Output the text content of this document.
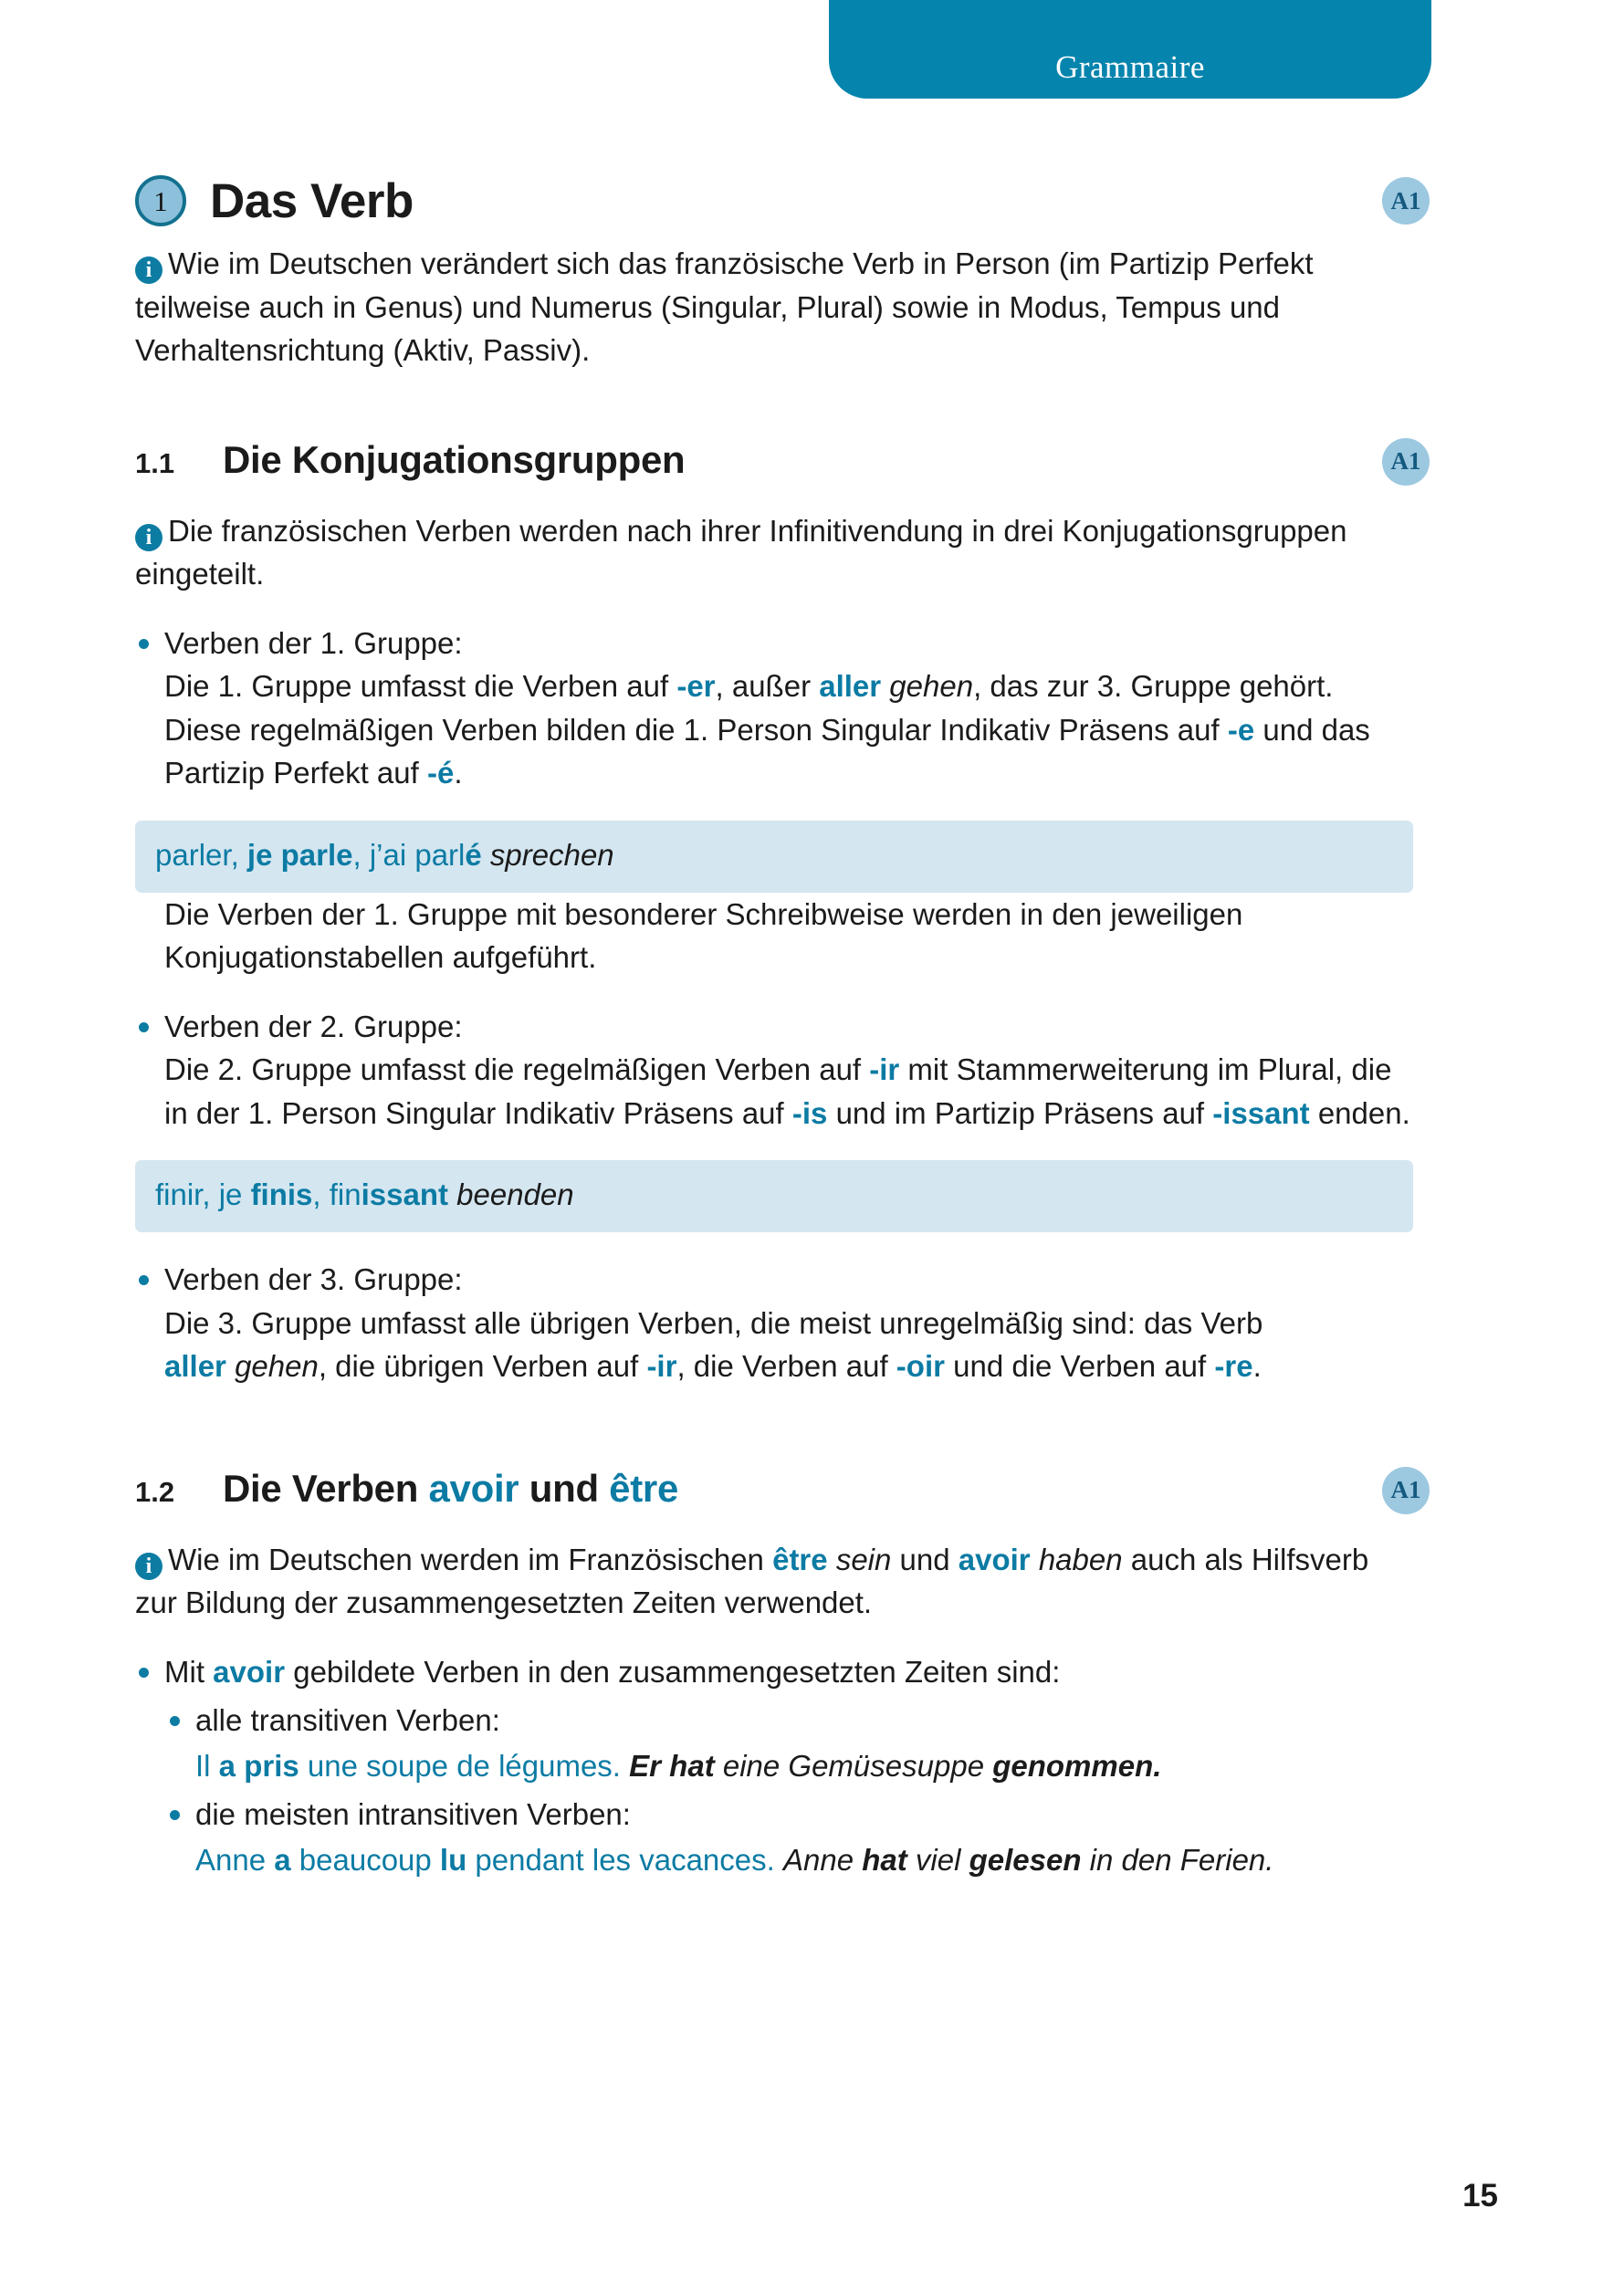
Grammaire
1 Das Verb	A1

i Wie im Deutschen verändert sich das französische Verb in Person (im Partizip Perfekt teilweise auch in Genus) und Numerus (Singular, Plural) sowie in Modus, Tempus und Verhaltensrichtung (Aktiv, Passiv).

1.1	Die Konjugationsgruppen	A1

i Die französischen Verben werden nach ihrer Infinitivendung in drei Konjugationsgruppen eingeteilt.

Verben der 1. Gruppe:
Die 1. Gruppe umfasst die Verben auf -er, außer aller gehen, das zur 3. Gruppe gehört. Diese regelmäßigen Verben bilden die 1. Person Singular Indikativ Präsens auf -e und das Partizip Perfekt auf -é.
parler, je parle, j’ai parlé sprechen

Die Verben der 1. Gruppe mit besonderer Schreibweise werden in den jeweiligen Konjugationstabellen aufgeführt.

Verben der 2. Gruppe:
Die 2. Gruppe umfasst die regelmäßigen Verben auf -ir mit Stammerweiterung im Plural, die in der 1. Person Singular Indikativ Präsens auf -is und im Partizip Präsens auf -issant enden.
finir, je finis, finissant beenden
Verben der 3. Gruppe:
Die 3. Gruppe umfasst alle übrigen Verben, die meist unregelmäßig sind: das Verb aller gehen, die übrigen Verben auf -ir, die Verben auf -oir und die Verben auf -re.
1.2	Die Verben avoir und être	A1

i Wie im Deutschen werden im Französischen être sein und avoir haben auch als Hilfsverb zur Bildung der zusammengesetzten Zeiten verwendet.

Mit avoir gebildete Verben in den zusammengesetzten Zeiten sind:
alle transitiven Verben:
Il a pris une soupe de légumes. Er hat eine Gemüsesuppe genommen.
die meisten intransitiven Verben:
Anne a beaucoup lu pendant les vacances. Anne hat viel gelesen in den Ferien.
15
